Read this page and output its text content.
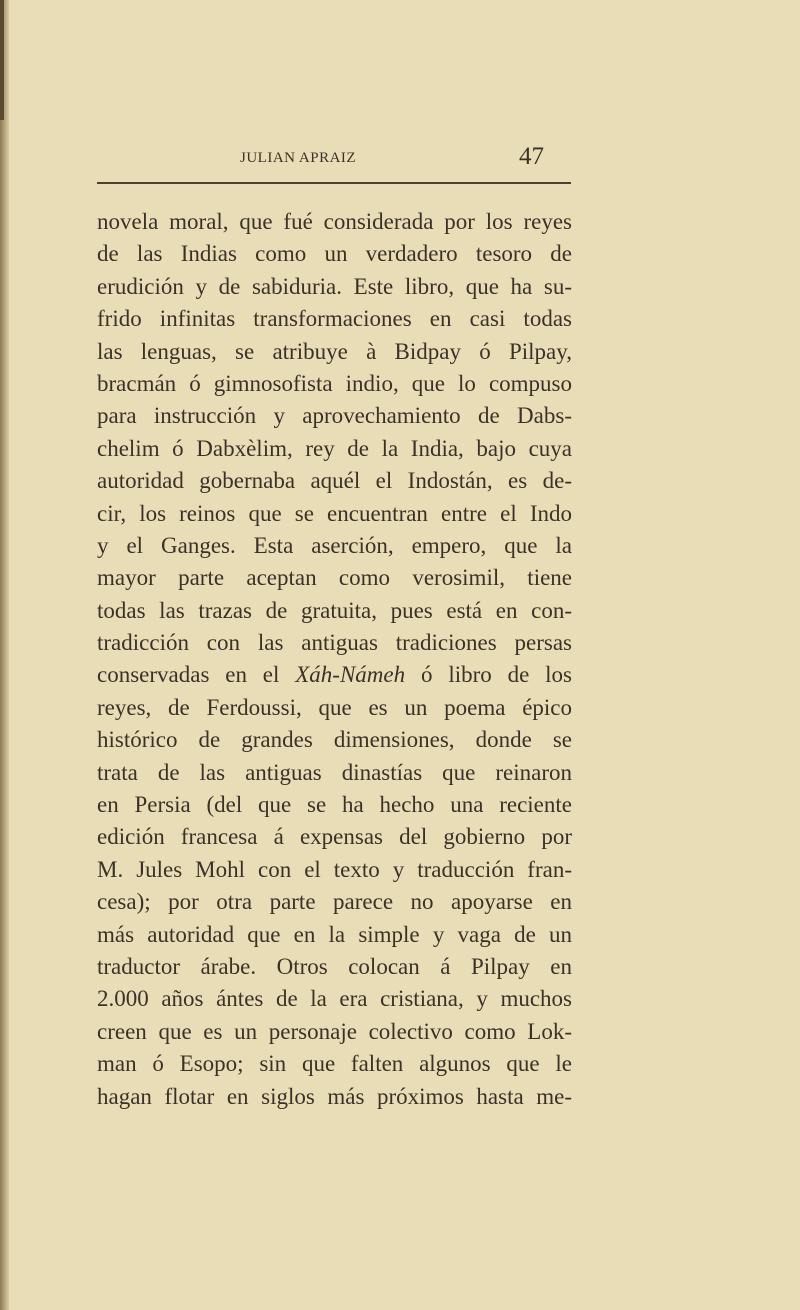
JULIAN APRAIZ	47
novela moral, que fué considerada por los reyes
de las Indias como un verdadero tesoro de
erudición y de sabiduria. Este libro, que ha su-
frido infinitas transformaciones en casi todas
las lenguas, se atribuye à Bidpay ó Pilpay,
bracmán ó gimnosofista indio, que lo compuso
para instrucción y aprovechamiento de Dabs-
chelim ó Dabxèlim, rey de la India, bajo cuya
autoridad gobernaba aquél el Indostán, es de-
cir, los reinos que se encuentran entre el Indo
y el Ganges. Esta aserción, empero, que la
mayor parte aceptan como verosimil, tiene
todas las trazas de gratuita, pues está en con-
tradicción con las antiguas tradiciones persas
conservadas en el Xáh-Námeh ó libro de los
reyes, de Ferdoussi, que es un poema épico
histórico de grandes dimensiones, donde se
trata de las antiguas dinastías que reinaron
en Persia (del que se ha hecho una reciente
edición francesa á expensas del gobierno por
M. Jules Mohl con el texto y traducción fran-
cesa); por otra parte parece no apoyarse en
más autoridad que en la simple y vaga de un
traductor árabe. Otros colocan á Pilpay en
2.000 años ántes de la era cristiana, y muchos
creen que es un personaje colectivo como Lok-
man ó Esopo; sin que falten algunos que le
hagan flotar en siglos más próximos hasta me-
